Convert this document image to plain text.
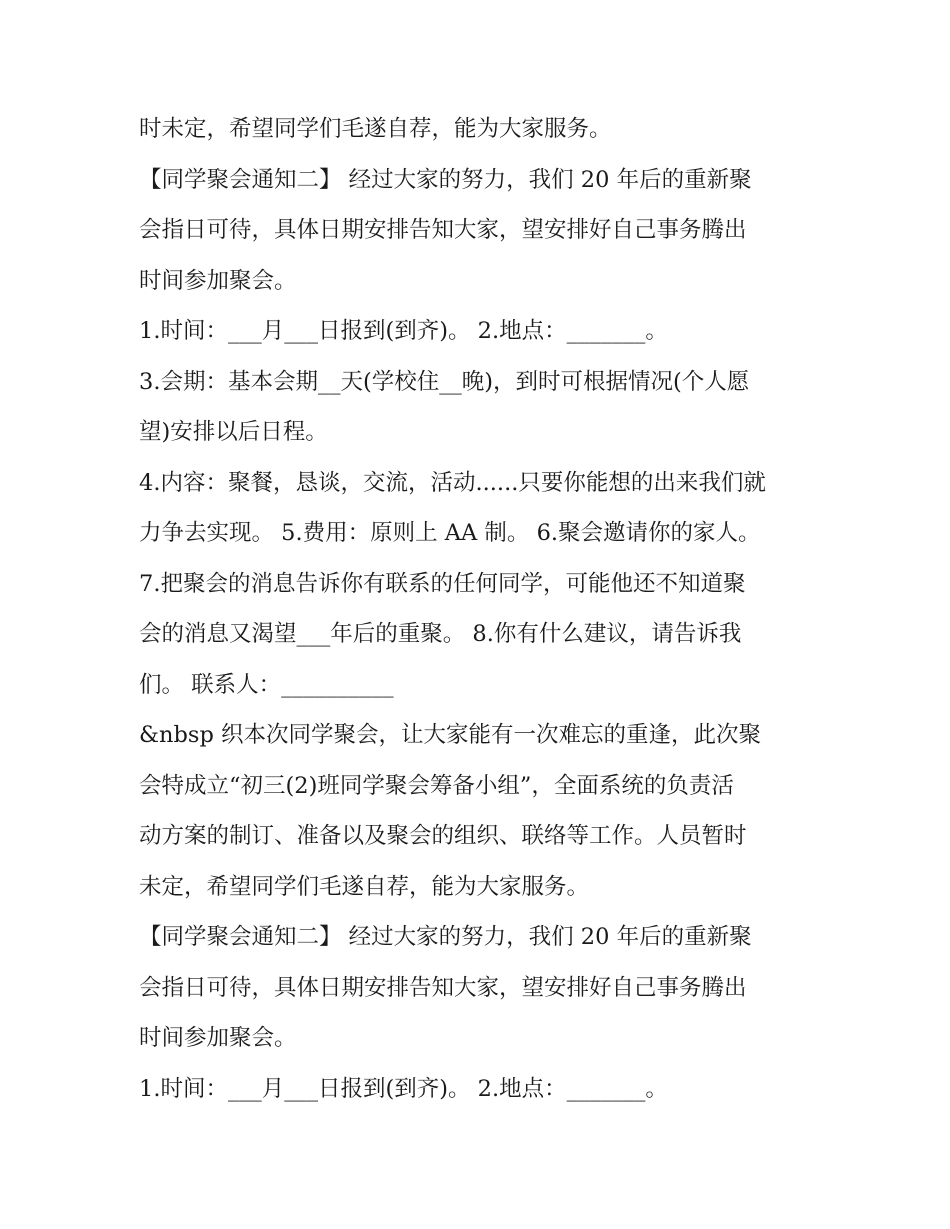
时未定，希望同学们毛遂自荐，能为大家服务。
【同学聚会通知二】 经过大家的努力，我们 20 年后的重新聚
会指日可待，具体日期安排告知大家，望安排好自己事务腾出
时间参加聚会。
1.时间：___月___日报到(到齐)。 2.地点：_______。
3.会期：基本会期__天(学校住__晚)，到时可根据情况(个人愿
望)安排以后日程。
4.内容：聚餐，恳谈，交流，活动......只要你能想的出来我们就
力争去实现。 5.费用：原则上 AA 制。 6.聚会邀请你的家人。
7.把聚会的消息告诉你有联系的任何同学，可能他还不知道聚
会的消息又渴望___年后的重聚。 8.你有什么建议，请告诉我
们。 联系人：__________
&nbsp 织本次同学聚会，让大家能有一次难忘的重逢，此次聚
会特成立“初三(2)班同学聚会筹备小组”，全面系统的负责活
动方案的制订、准备以及聚会的组织、联络等工作。人员暂时
未定，希望同学们毛遂自荐，能为大家服务。
【同学聚会通知二】 经过大家的努力，我们 20 年后的重新聚
会指日可待，具体日期安排告知大家，望安排好自己事务腾出
时间参加聚会。
1.时间：___月___日报到(到齐)。 2.地点：_______。
